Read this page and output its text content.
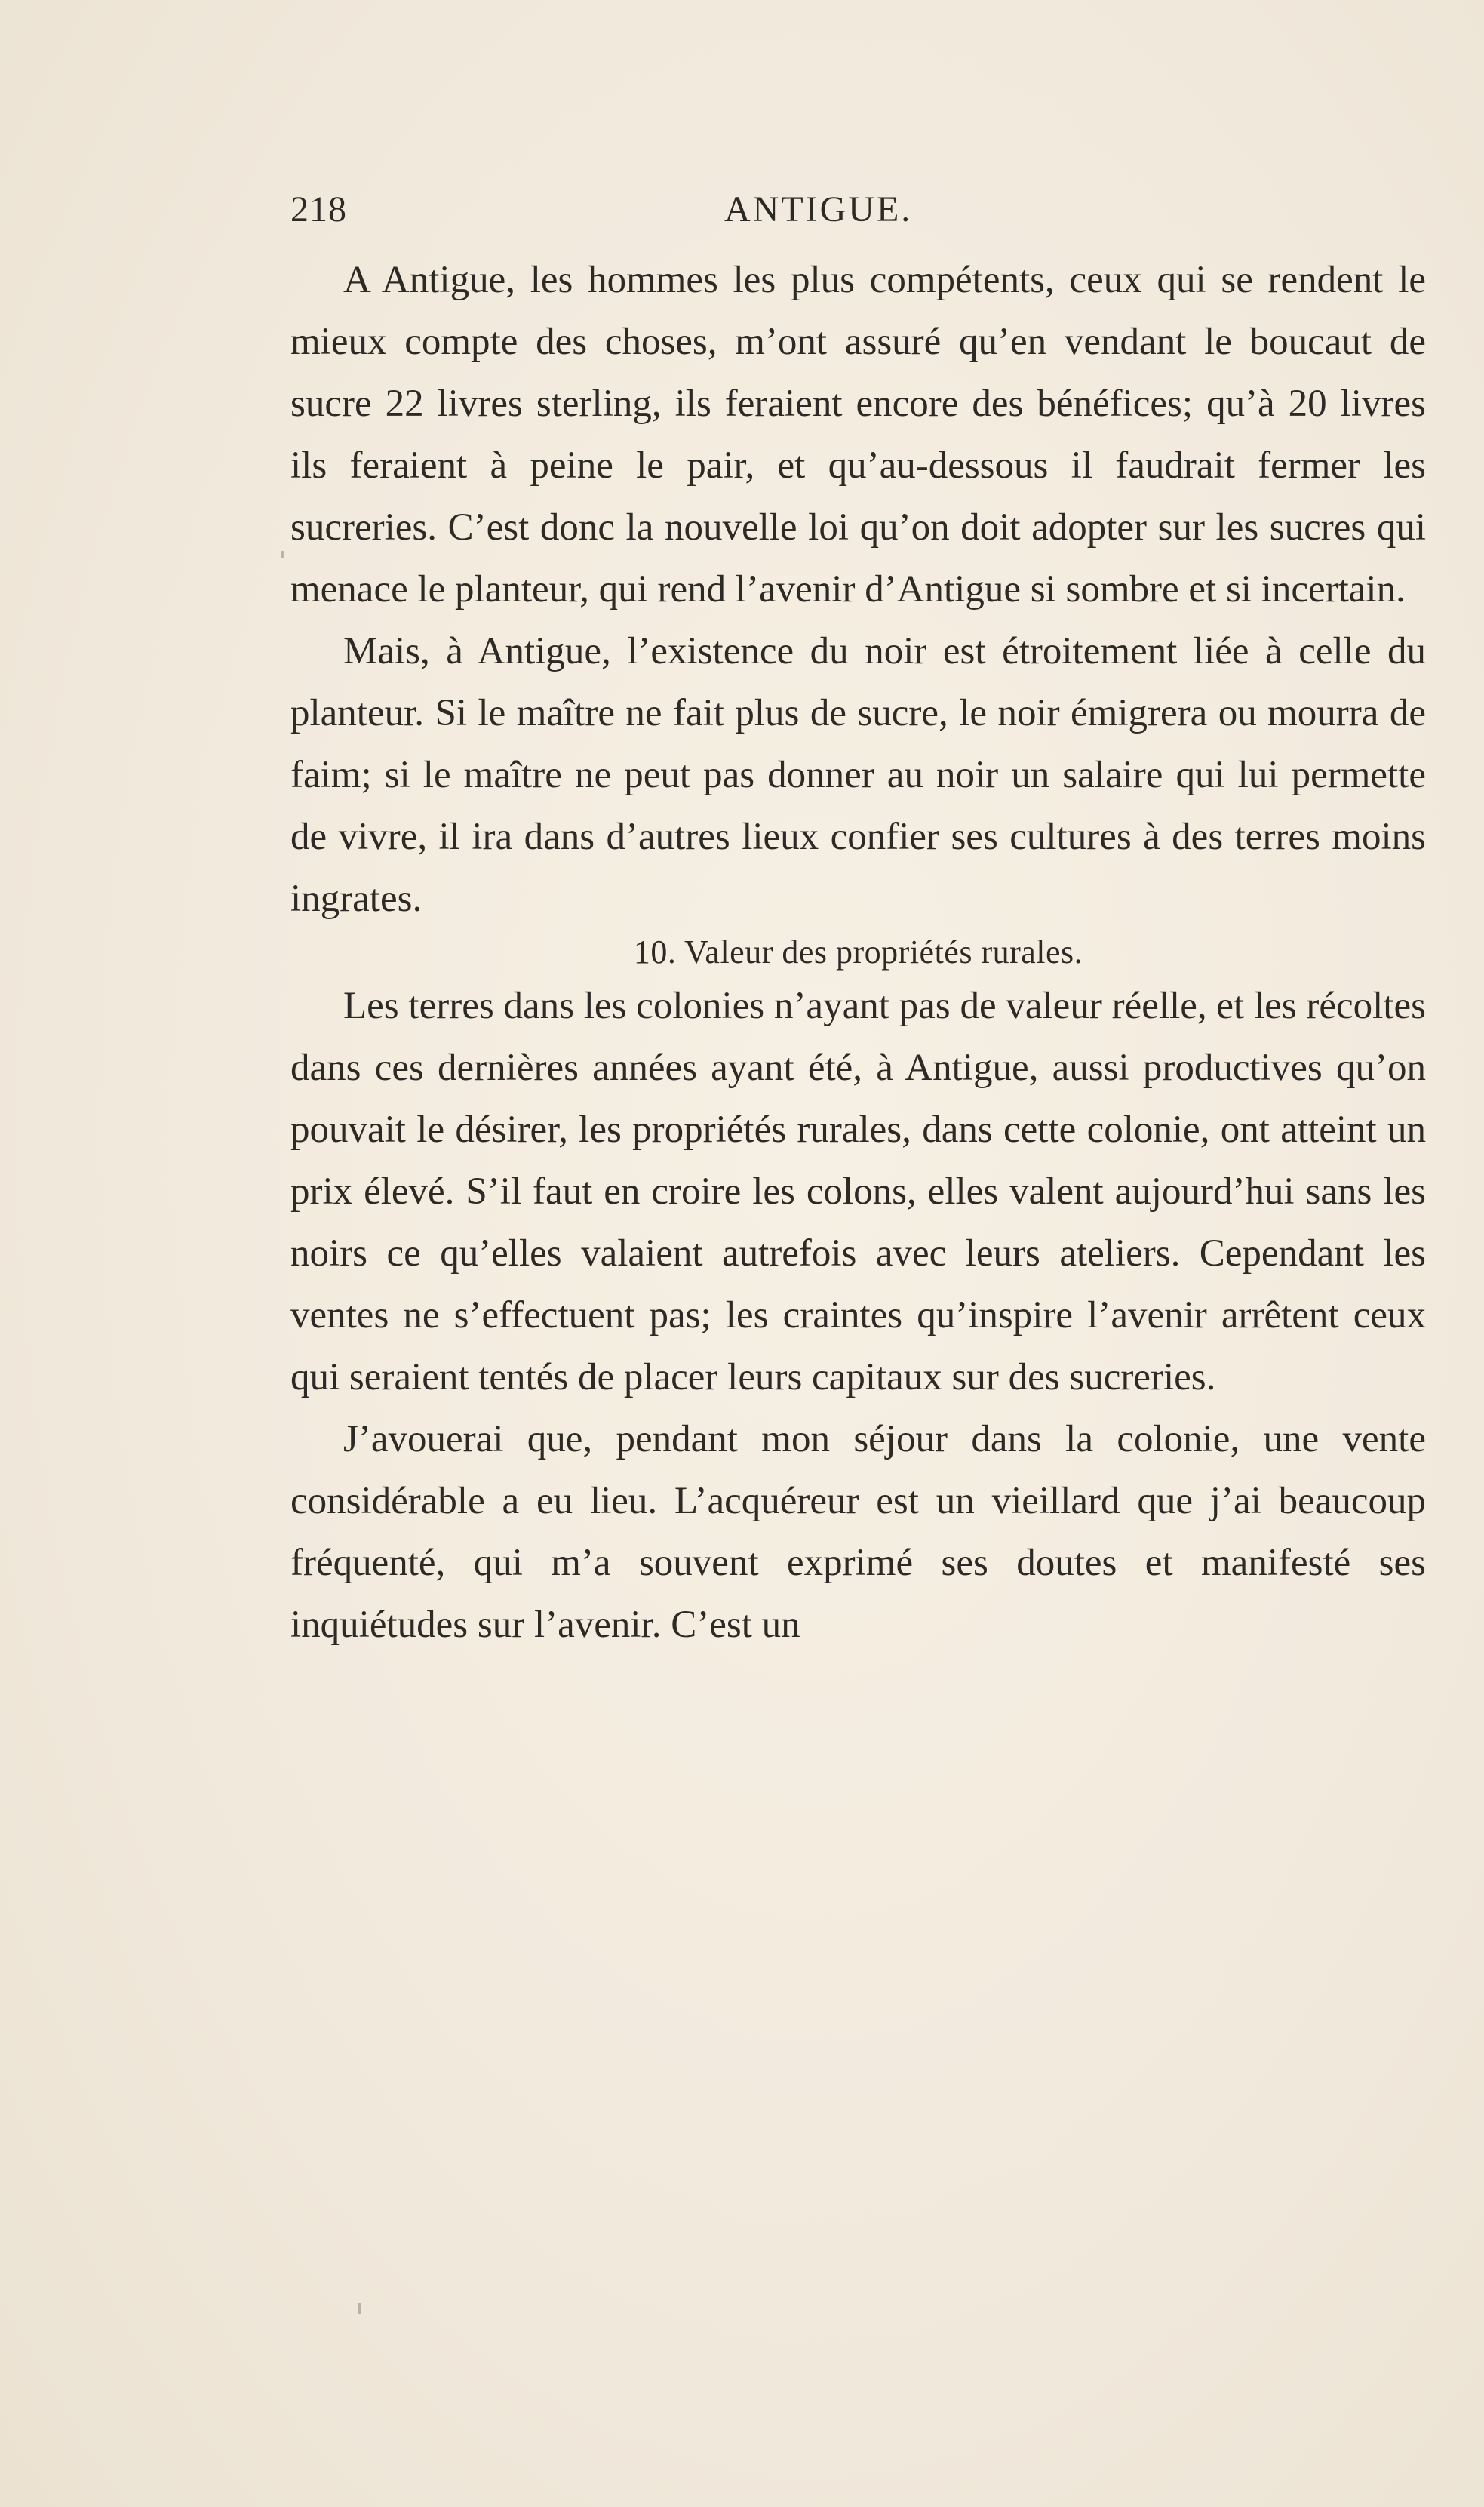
218	ANTIGUE.

A Antigue, les hommes les plus compétents, ceux qui se rendent le mieux compte des choses, m’ont assuré qu’en vendant le boucaut de sucre 22 livres sterling, ils feraient encore des bénéfices; qu’à 20 livres ils feraient à peine le pair, et qu’au-dessous il faudrait fermer les sucreries. C’est donc la nouvelle loi qu’on doit adopter sur les sucres qui menace le planteur, qui rend l’avenir d’Antigue si sombre et si incertain.

Mais, à Antigue, l’existence du noir est étroitement liée à celle du planteur. Si le maître ne fait plus de sucre, le noir émigrera ou mourra de faim; si le maître ne peut pas donner au noir un salaire qui lui permette de vivre, il ira dans d’autres lieux confier ses cultures à des terres moins ingrates.

10. Valeur des propriétés rurales.

Les terres dans les colonies n’ayant pas de valeur réelle, et les récoltes dans ces dernières années ayant été, à Antigue, aussi productives qu’on pouvait le désirer, les propriétés rurales, dans cette colonie, ont atteint un prix élevé. S’il faut en croire les colons, elles valent aujourd’hui sans les noirs ce qu’elles valaient autrefois avec leurs ateliers. Cependant les ventes ne s’effectuent pas; les craintes qu’inspire l’avenir arrêtent ceux qui seraient tentés de placer leurs capitaux sur des sucreries.

J’avouerai que, pendant mon séjour dans la colonie, une vente considérable a eu lieu. L’acquéreur est un vieillard que j’ai beaucoup fréquenté, qui m’a souvent exprimé ses doutes et manifesté ses inquiétudes sur l’avenir. C’est un
